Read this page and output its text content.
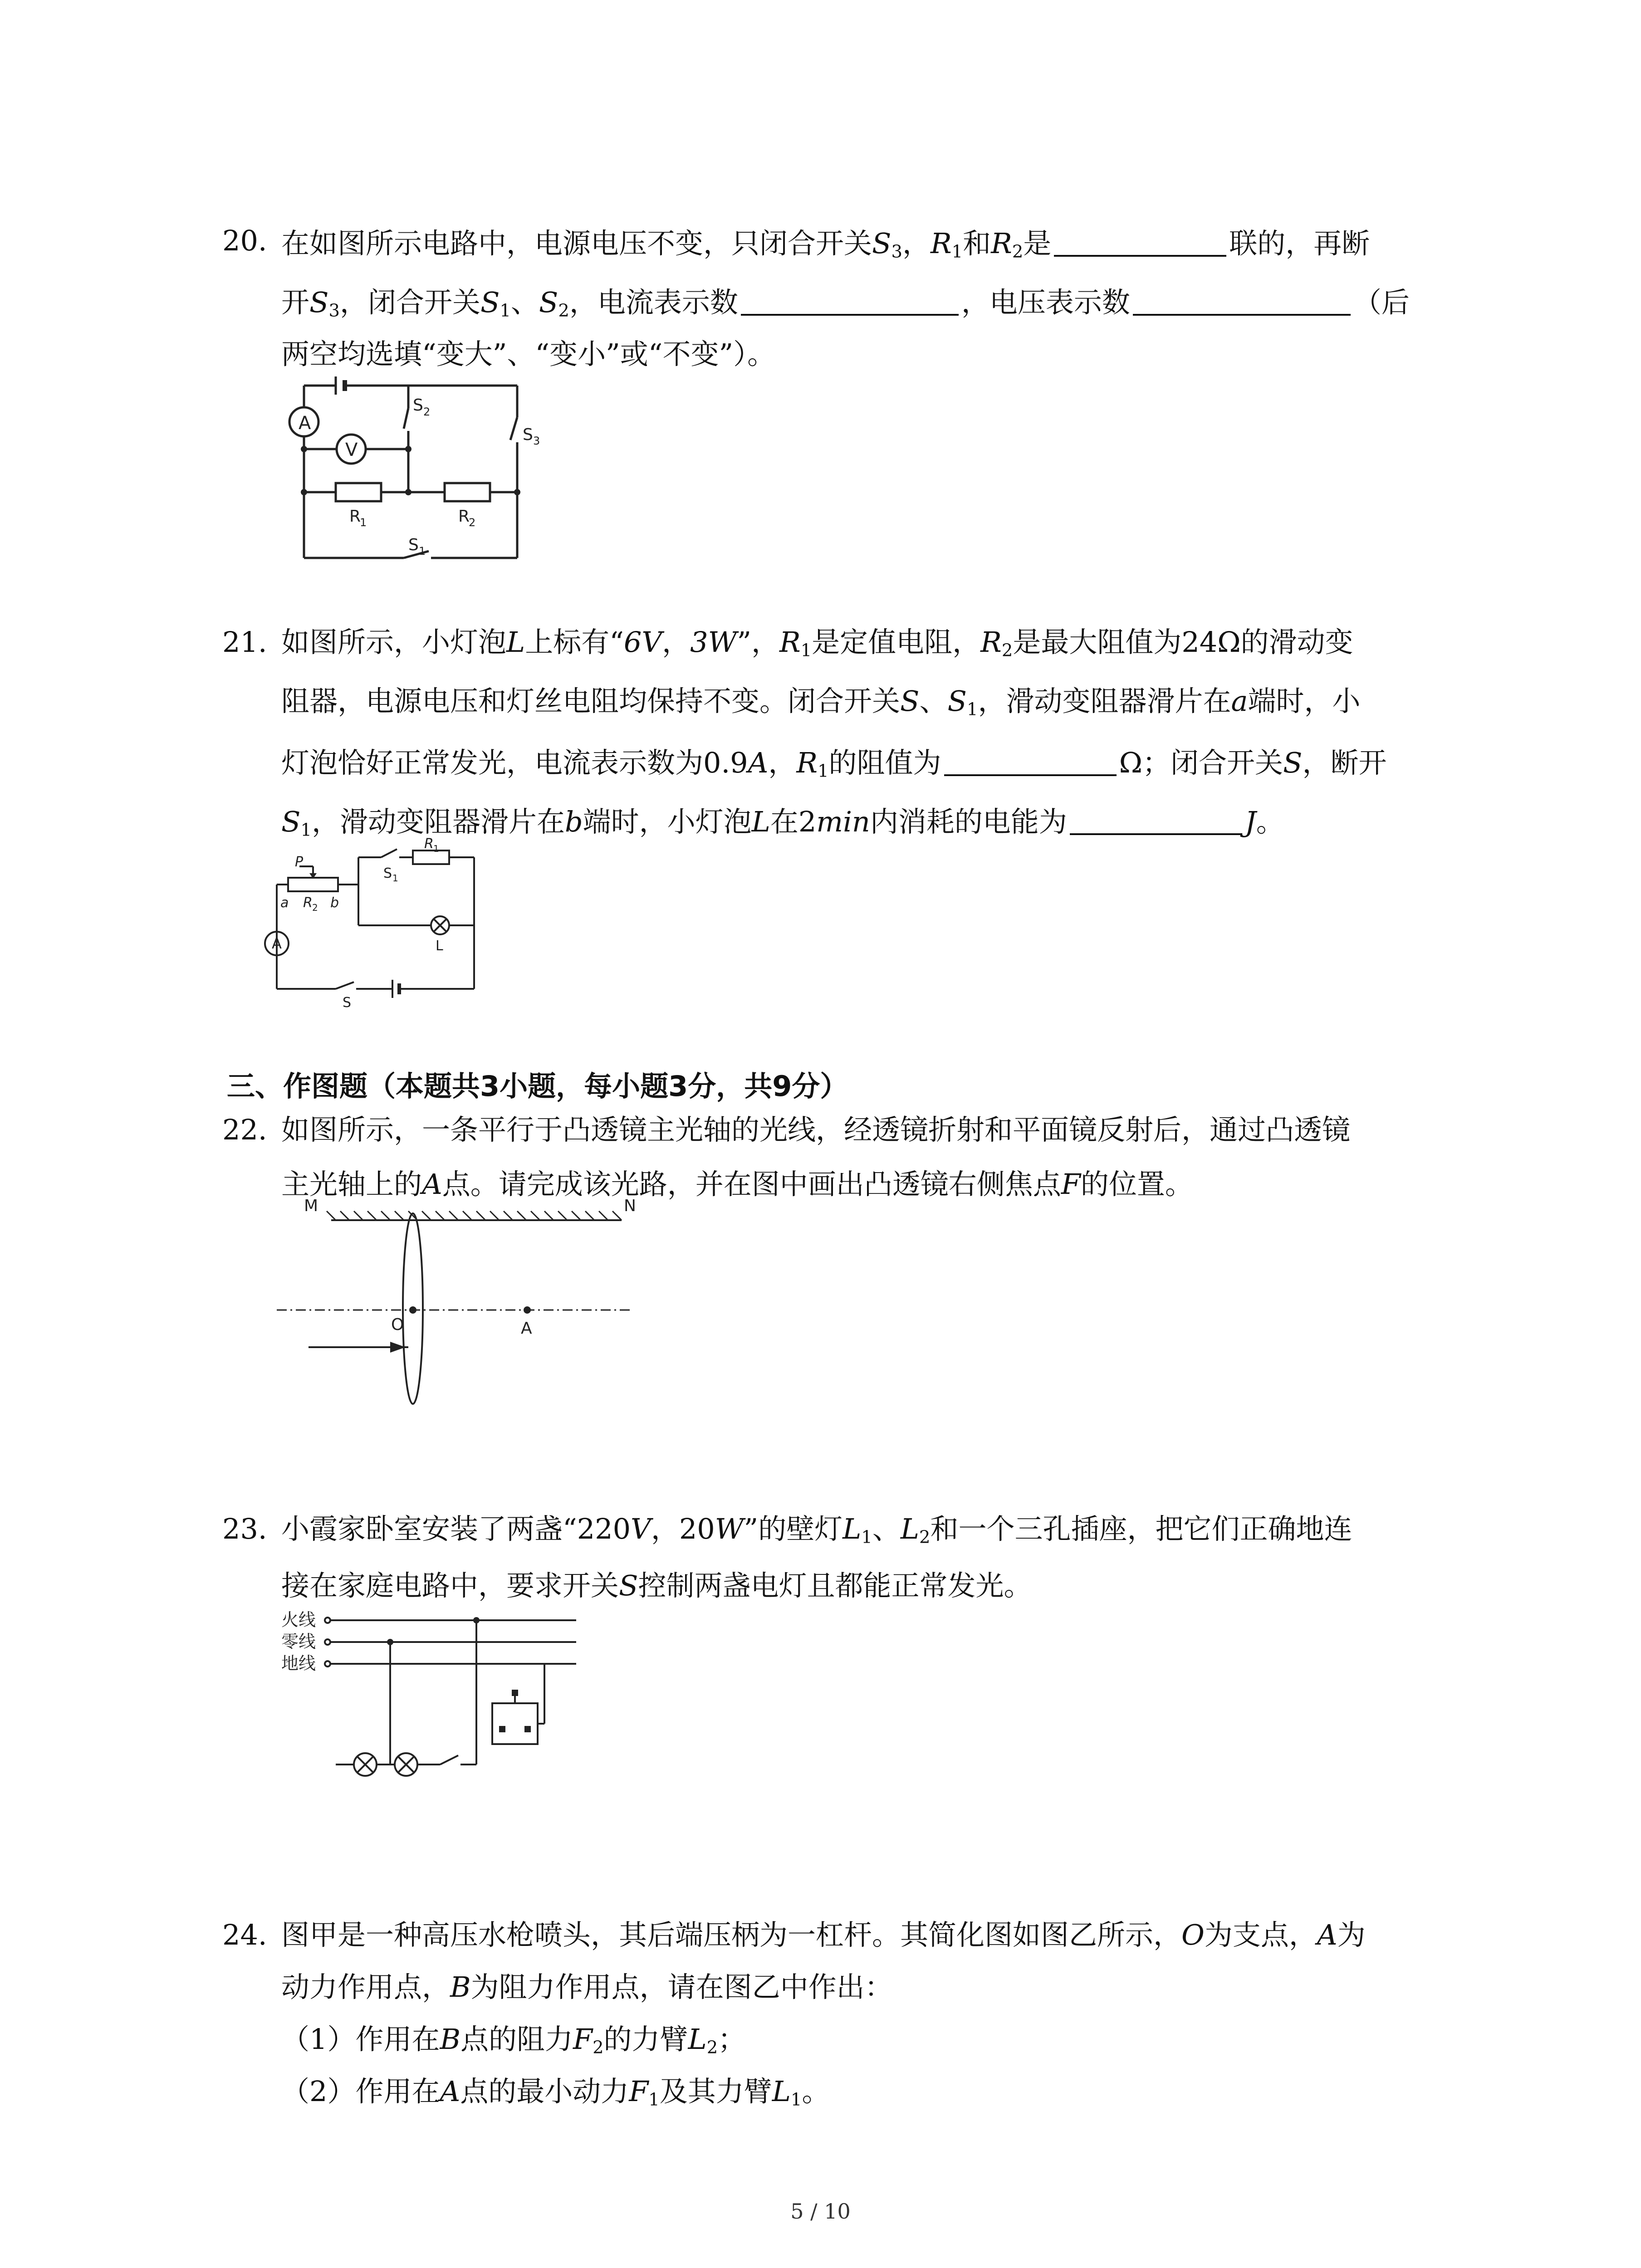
20. 在如图所示电路中，电源电压不变，只闭合开关$S_3$，$R_1$和$R_2$是	联的，再断
开$S_3$，闭合开关$S_1$、$S_2$，电流表示数	，电压表示数	（后
两空均选填“变大”、“变小”或“不变”）。
A
V
S 2
S 3
R
1	R
2
S 1
21. 如图所示，小灯泡L上标有“6V，3W”，$R_1$是定值电阻，$R_2$是最大阻值为24Ω的滑动变
阻器，电源电压和灯丝电阻均保持不变。闭合开关S、$S_1$，滑动变阻器滑片在a端时，小
灯泡恰好正常发光，电流表示数为0.9A，$R_1$的阻值为	Ω；闭合开关S，断开
$S_1$，滑动变阻器滑片在b端时，小灯泡L在2min内消耗的电能为	J。
P
a R 2 b
S 1
R 1
A	L
S
三、作图题（本题共3小题，每小题3分，共9分）
22. 如图所示，一条平行于凸透镜主光轴的光线，经透镜折射和平面镜反射后，通过凸透镜
主光轴上的A点。请完成该光路，并在图中画出凸透镜右侧焦点F的位置。
M	N
O	A
23. 小霞家卧室安装了两盏“220V，20W”的壁灯$L_1$、$L_2$和一个三孔插座，把它们正确地连
接在家庭电路中，要求开关S控制两盏电灯且都能正常发光。
火线
零线
地线
24. 图甲是一种高压水枪喷头，其后端压柄为一杠杆。其简化图如图乙所示，O为支点，A为
动力作用点，B为阻力作用点，请在图乙中作出：
（1）作用在B点的阻力$F_2$的力臂$L_2$；
（2）作用在A点的最小动力$F_1$及其力臂$L_1$。
5 / 10
